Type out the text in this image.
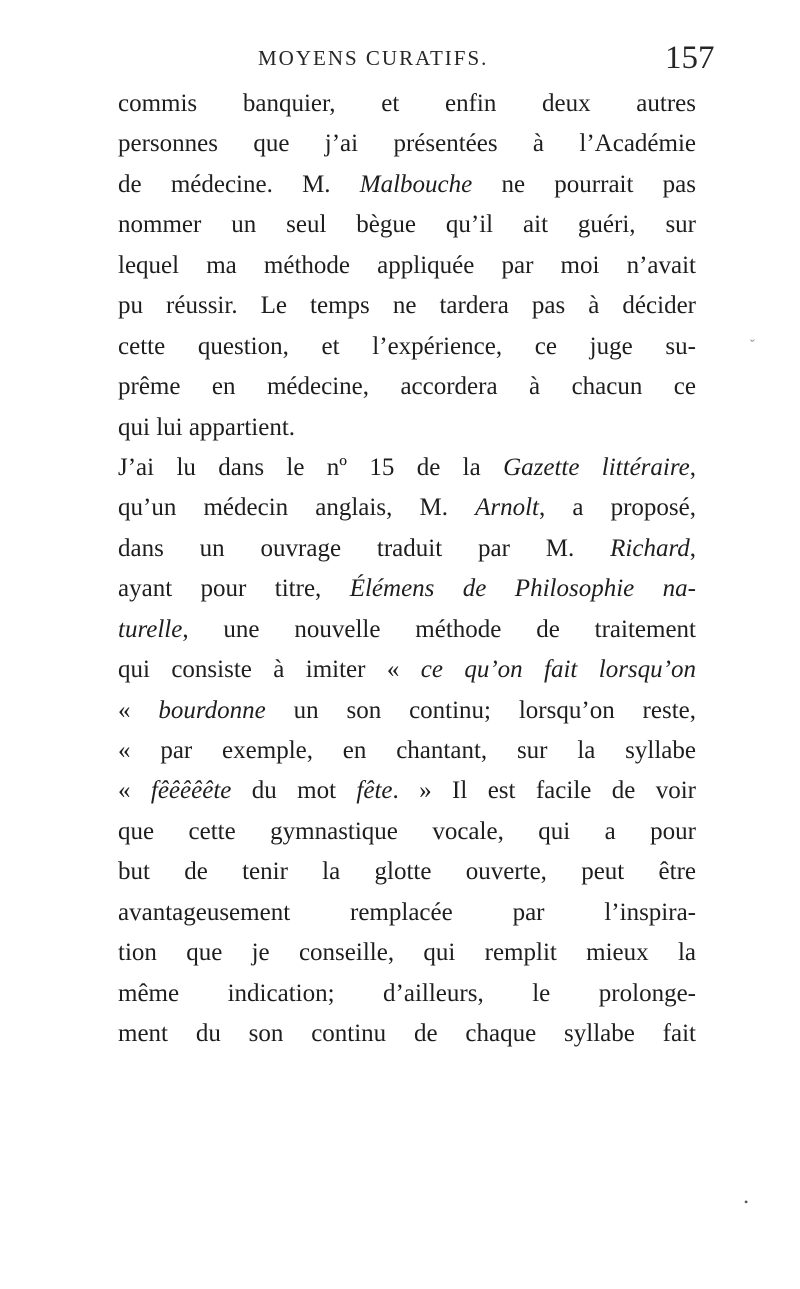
MOYENS CURATIFS.	157
commis banquier, et enfin deux autres
personnes que j’ai présentées à l’Académie
de médecine. M. Malbouche ne pourrait pas
nommer un seul bègue qu’il ait guéri, sur
lequel ma méthode appliquée par moi n’avait
pu réussir. Le temps ne tardera pas à décider
cette question, et l’expérience, ce juge su-
prême en médecine, accordera à chacun ce
qui lui appartient.
J’ai lu dans le nº 15 de la Gazette littéraire,
qu’un médecin anglais, M. Arnolt, a proposé,
dans un ouvrage traduit par M. Richard,
ayant pour titre, Élémens de Philosophie na-
turelle, une nouvelle méthode de traitement
qui consiste à imiter « ce qu’on fait lorsqu’on
« bourdonne un son continu; lorsqu’on reste,
« par exemple, en chantant, sur la syllabe
« fêêêêête du mot fête. » Il est facile de voir
que cette gymnastique vocale, qui a pour
but de tenir la glotte ouverte, peut être
avantageusement remplacée par l’inspira-
tion que je conseille, qui remplit mieux la
même indication; d’ailleurs, le prolonge-
ment du son continu de chaque syllabe fait
ˇ
•
